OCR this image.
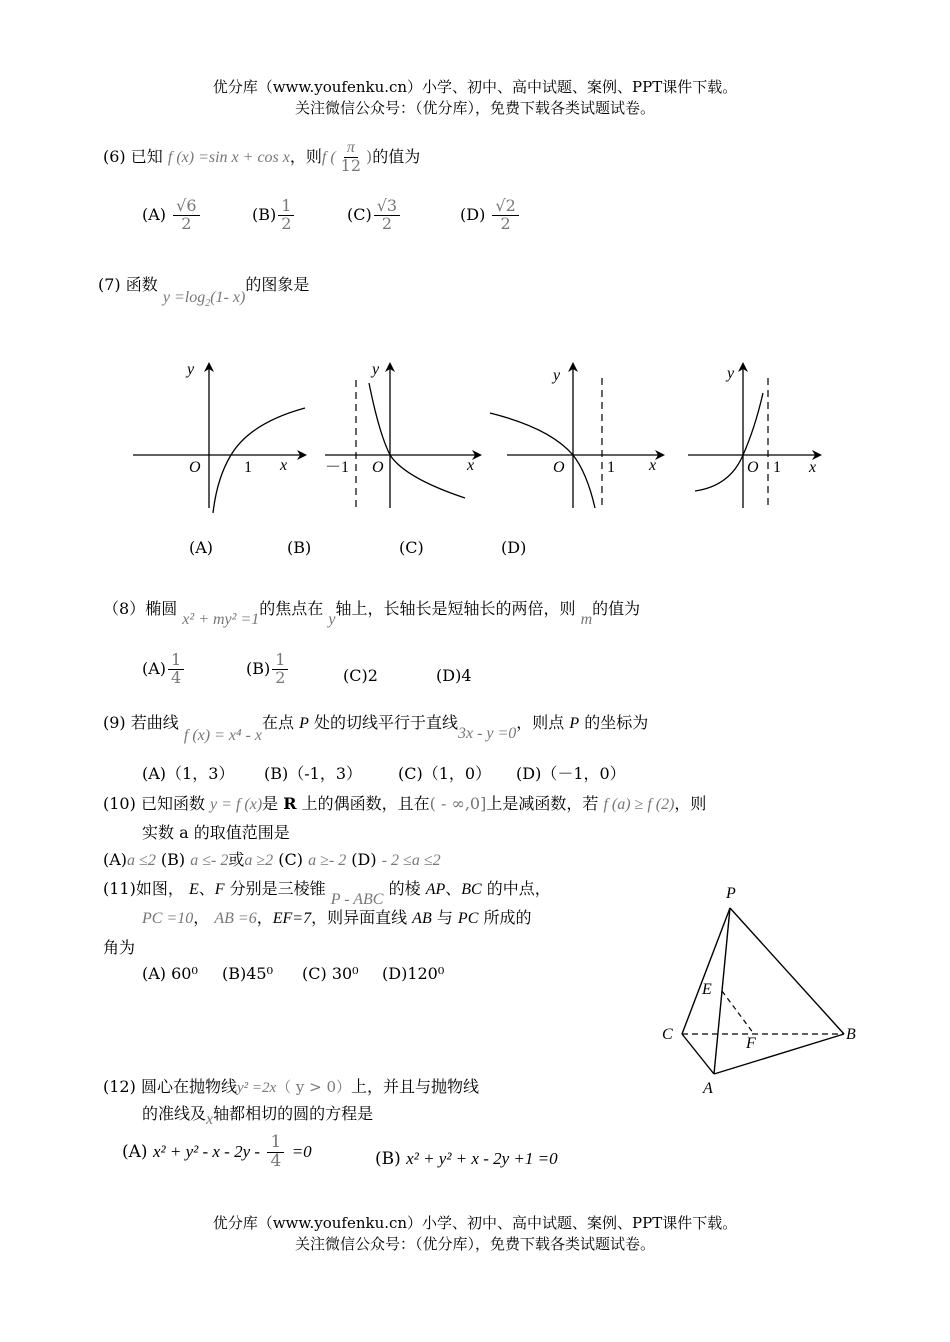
优分库（www.youfenku.cn）小学、初中、高中试题、案例、PPT课件下载。
关注微信公众号：（优分库），免费下载各类试题试卷。
(6) 已知 f (x) =sin x + cos x，则f ( $\frac{\pi}{12}$ )的值为
$(A) \frac{√6}{2}$	$(B) \frac{1}{2}$	$(C) \frac{√3}{2}$	$(D) \frac{√2}{2}$
(7) 函数 $y =\log_2(1-$ x)的图象是
y
O	1 x
y
O
－1	x
y
O	1 x
y
O 1 x
(A)	(B)	(C)	(D)
（8）椭圆 x² + my² =1的焦点在 y轴上，长轴长是短轴长的两倍，则 m的值为
$(A) \frac{1}{4}$	$(B) \frac{1}{2}$	(C)2	(D)4
(9) 若曲线 f (x) = x⁴ - x在点 P 处的切线平行于直线3x - y =0，则点 P 的坐标为
(A)（1，3） (B)（-1，3） (C)（1，0） (D)（－1，0）
(10) 已知函数 y = f (x)是 R 上的偶函数，且在( - ∞,0]上是减函数，若 f (a) ≥ f (2)，则
实数 a 的取值范围是
(A)a ≤2 (B) a ≤- 2或a ≥2 (C) a ≥- 2 (D) - 2 ≤a ≤2
(11)如图， E、F 分别是三棱锥 P - ABC 的棱 AP、BC 的中点，
PC =10， AB =6，EF=7，则异面直线 AB 与 PC 所成的
角为
(A) 60⁰ (B)45⁰ (C) 30⁰ (D)120⁰
P
C	B
A
E
F
(12) 圆心在抛物线y² =2x（ y > 0）上，并且与抛物线
的准线及x轴都相切的圆的方程是
(A) $x^2 + y^2 - x - 2y - \frac{1}{4} =0$	(B) x² + y² + x - 2y +1 =0
优分库（www.youfenku.cn）小学、初中、高中试题、案例、PPT课件下载。
关注微信公众号：（优分库），免费下载各类试题试卷。
